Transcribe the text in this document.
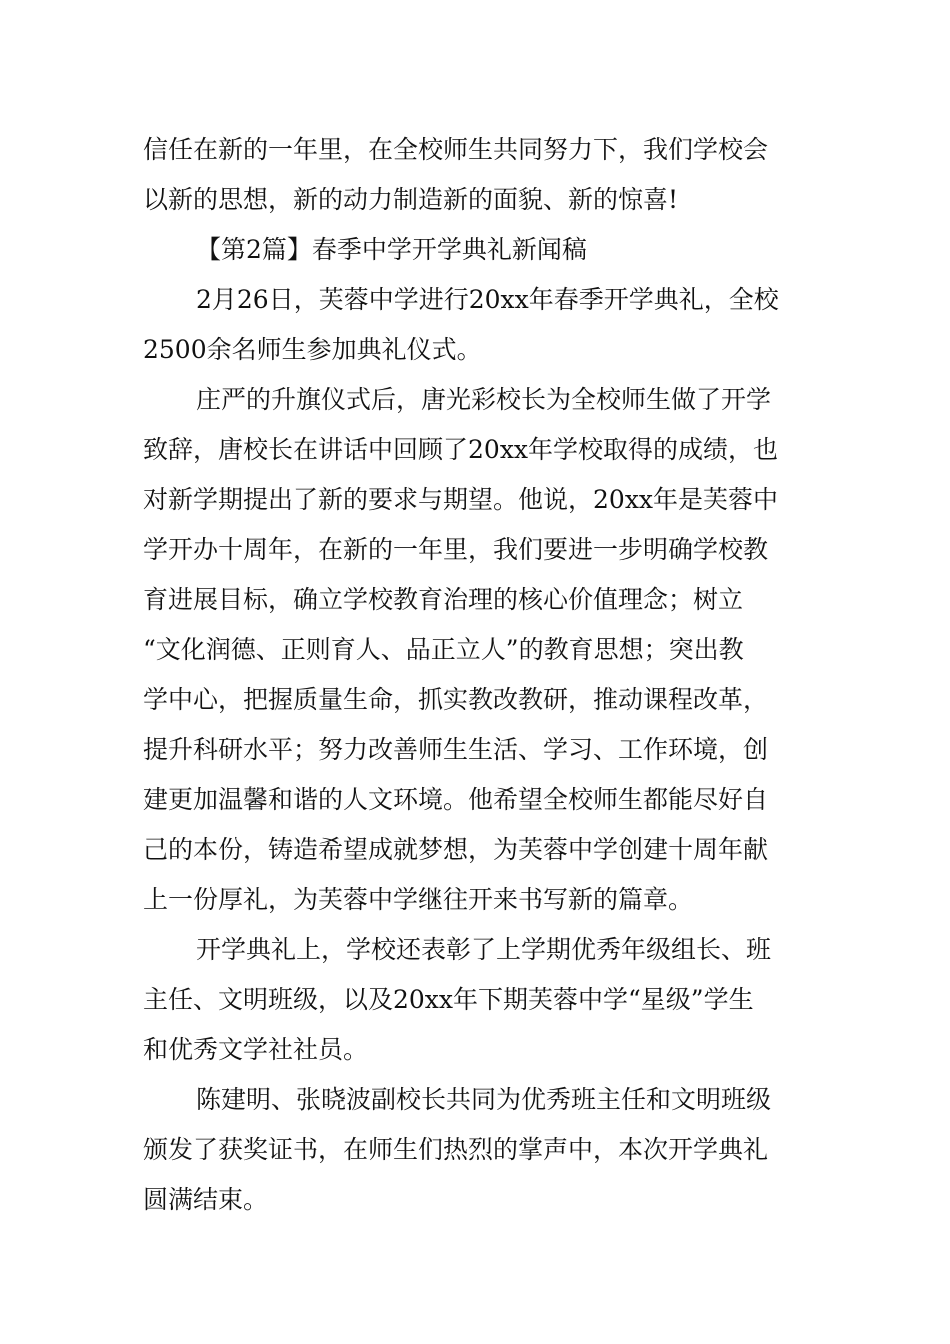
信任在新的一年里，在全校师生共同努力下，我们学校会

以新的思想，新的动力制造新的面貌、新的惊喜!

【第2篇】春季中学开学典礼新闻稿

2月26日，芙蓉中学进行20xx年春季开学典礼，全校

2500余名师生参加典礼仪式。

庄严的升旗仪式后，唐光彩校长为全校师生做了开学

致辞，唐校长在讲话中回顾了20xx年学校取得的成绩，也

对新学期提出了新的要求与期望。他说，20xx年是芙蓉中

学开办十周年，在新的一年里，我们要进一步明确学校教

育进展目标，确立学校教育治理的核心价值理念；树立

“文化润德、正则育人、品正立人”的教育思想；突出教

学中心，把握质量生命，抓实教改教研，推动课程改革，

提升科研水平；努力改善师生生活、学习、工作环境，创

建更加温馨和谐的人文环境。他希望全校师生都能尽好自

己的本份，铸造希望成就梦想，为芙蓉中学创建十周年献

上一份厚礼，为芙蓉中学继往开来书写新的篇章。

开学典礼上，学校还表彰了上学期优秀年级组长、班

主任、文明班级，以及20xx年下期芙蓉中学“星级”学生

和优秀文学社社员。

陈建明、张晓波副校长共同为优秀班主任和文明班级

颁发了获奖证书，在师生们热烈的掌声中，本次开学典礼

圆满结束。
